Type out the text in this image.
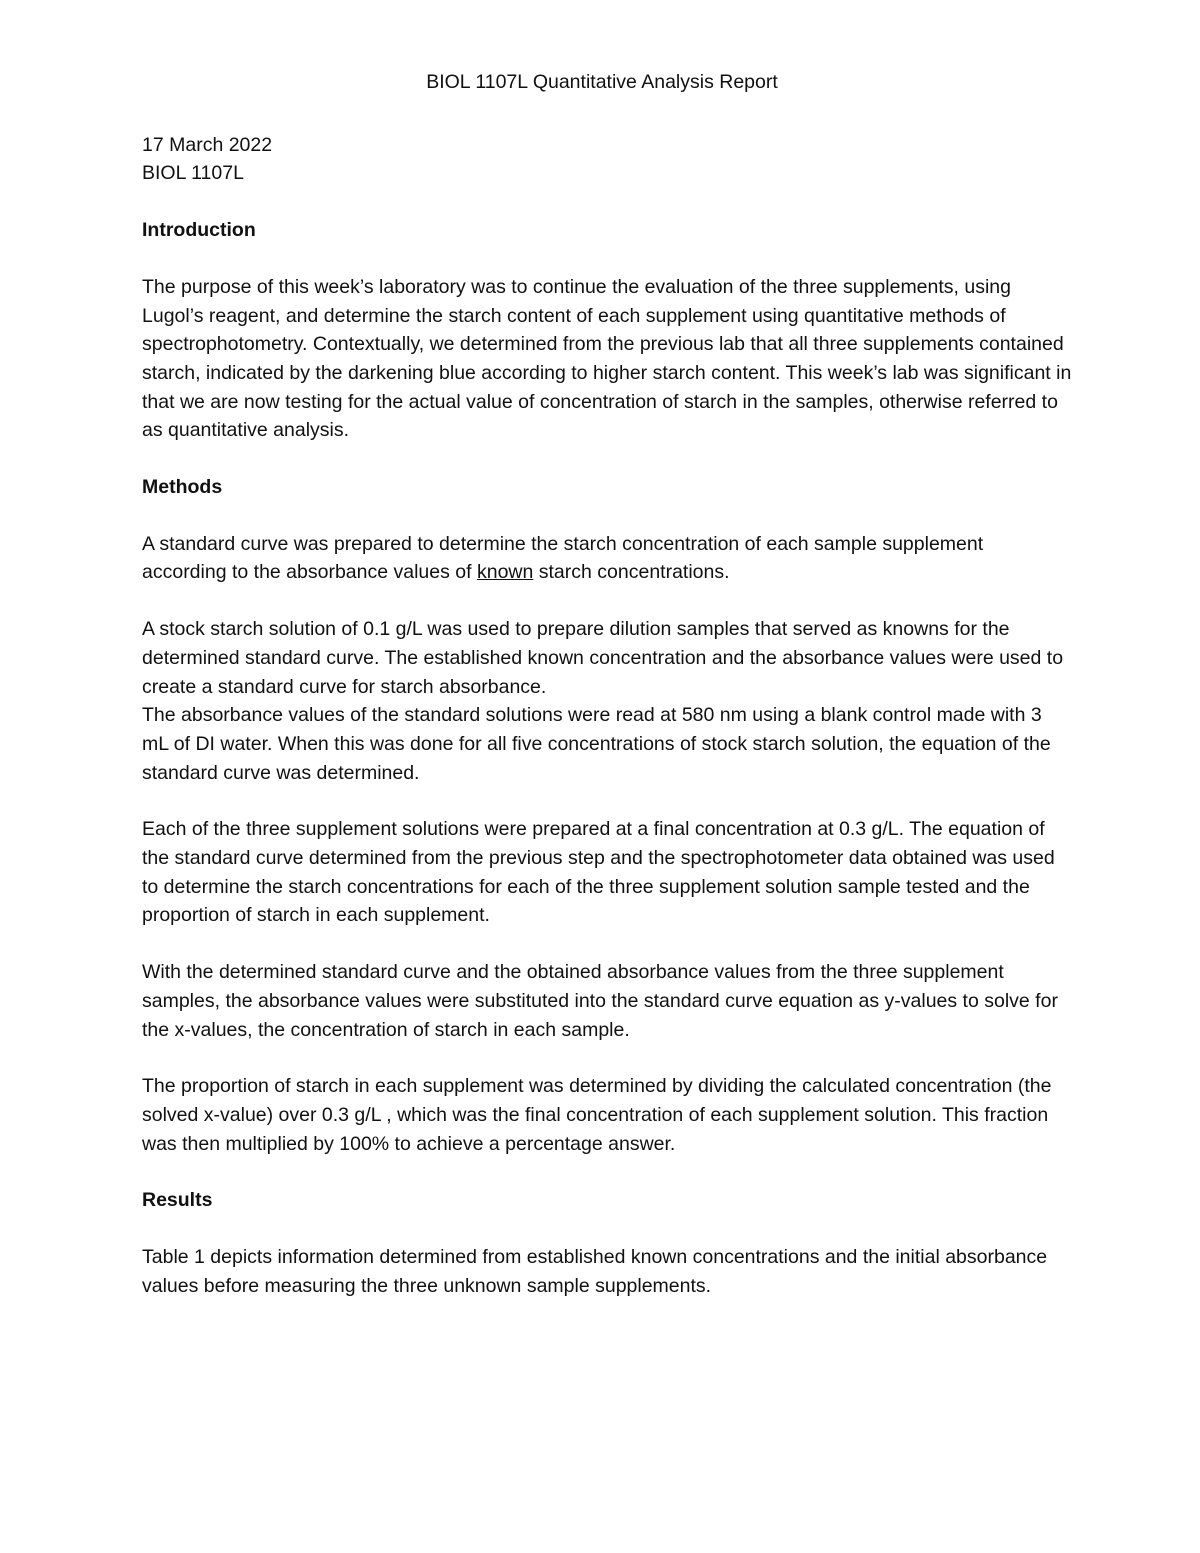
BIOL 1107L Quantitative Analysis Report

17 March 2022

BIOL 1107L

Introduction

The purpose of this week’s laboratory was to continue the evaluation of the three supplements, using Lugol’s reagent, and determine the starch content of each supplement using quantitative methods of spectrophotometry. Contextually, we determined from the previous lab that all three supplements contained starch, indicated by the darkening blue according to higher starch content. This week’s lab was significant in that we are now testing for the actual value of concentration of starch in the samples, otherwise referred to as quantitative analysis.

Methods

A standard curve was prepared to determine the starch concentration of each sample supplement according to the absorbance values of known starch concentrations.

A stock starch solution of 0.1 g/L was used to prepare dilution samples that served as knowns for the determined standard curve. The established known concentration and the absorbance values were used to create a standard curve for starch absorbance.

The absorbance values of the standard solutions were read at 580 nm using a blank control made with 3 mL of DI water. When this was done for all five concentrations of stock starch solution, the equation of the standard curve was determined.

Each of the three supplement solutions were prepared at a final concentration at 0.3 g/L. The equation of the standard curve determined from the previous step and the spectrophotometer data obtained was used to determine the starch concentrations for each of the three supplement solution sample tested and the proportion of starch in each supplement.

With the determined standard curve and the obtained absorbance values from the three supplement samples, the absorbance values were substituted into the standard curve equation as y-values to solve for the x-values, the concentration of starch in each sample.

The proportion of starch in each supplement was determined by dividing the calculated concentration (the solved x-value) over 0.3 g/L , which was the final concentration of each supplement solution. This fraction was then multiplied by 100% to achieve a percentage answer.

Results

Table 1 depicts information determined from established known concentrations and the initial absorbance values before measuring the three unknown sample supplements.
